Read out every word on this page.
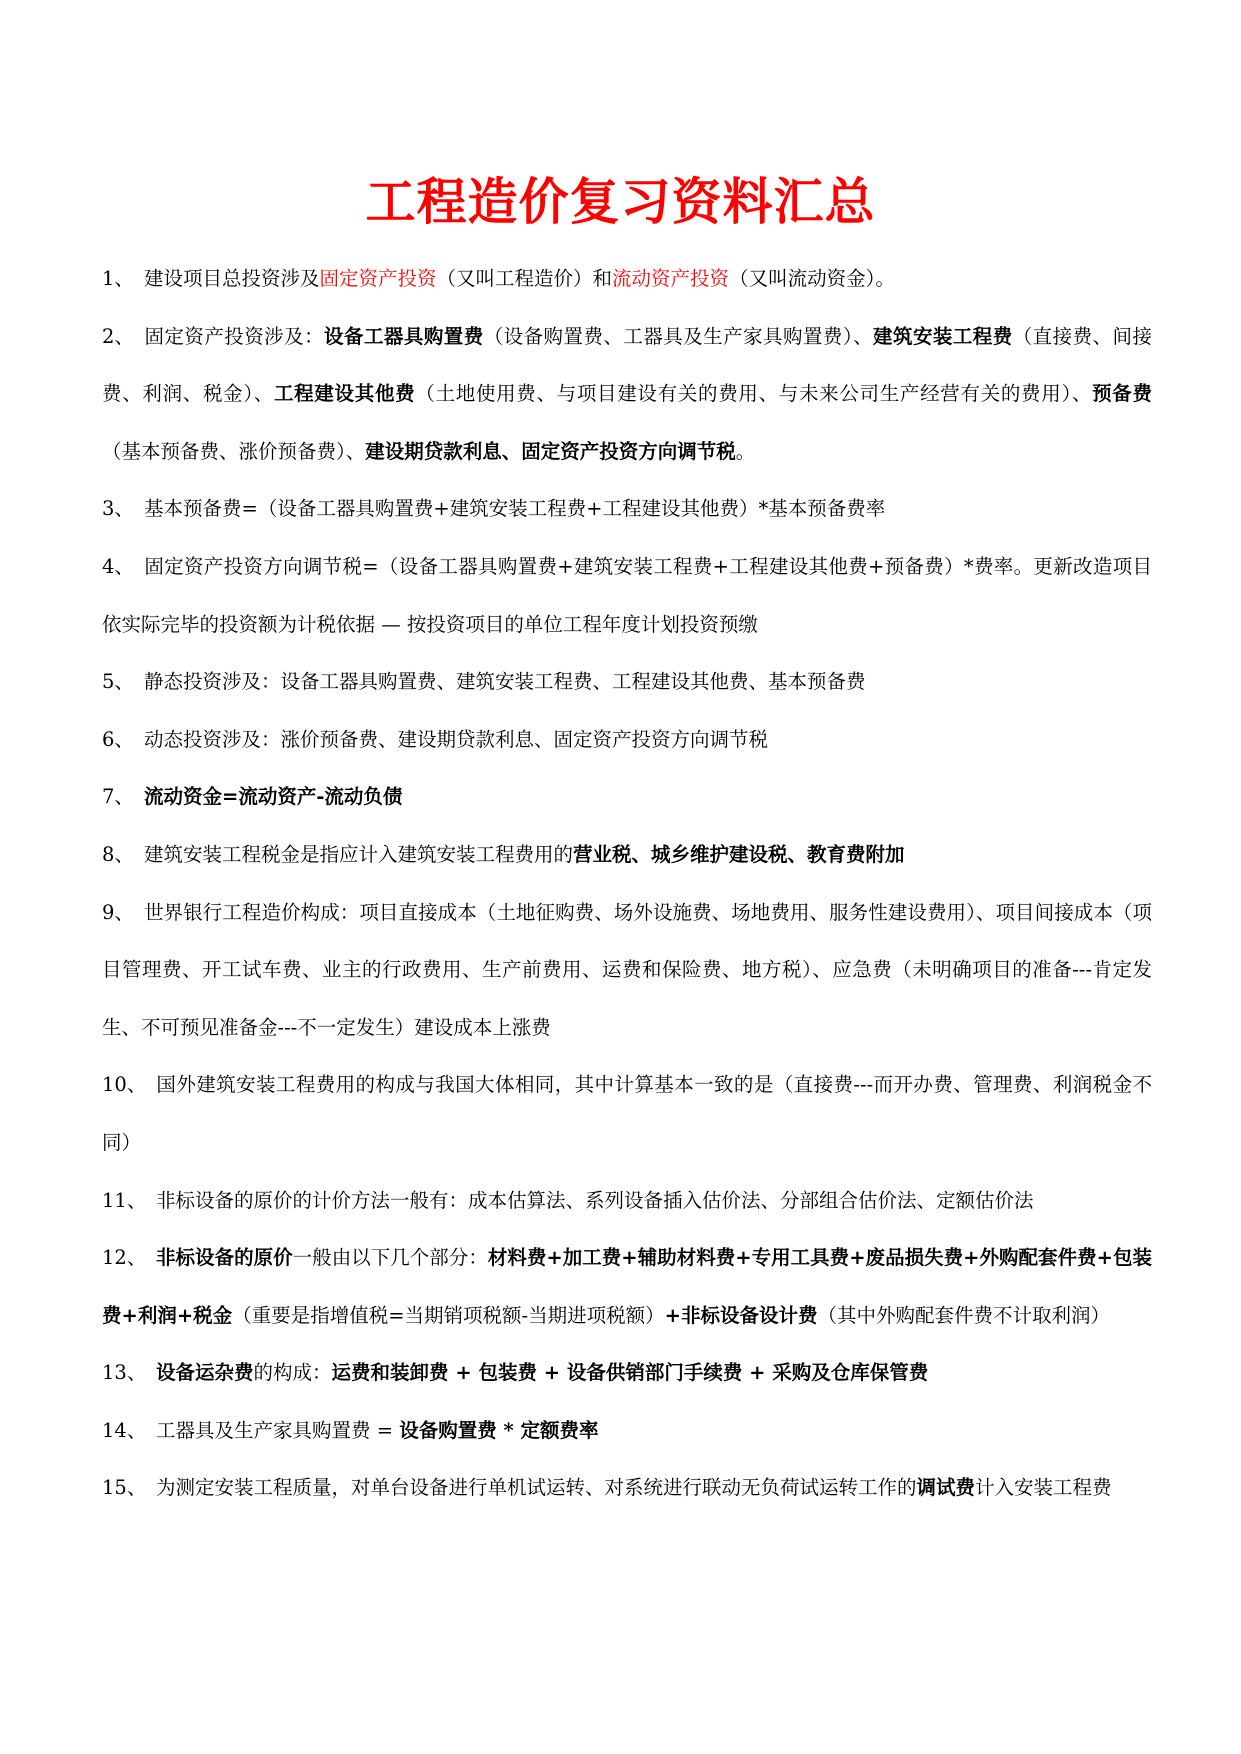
工程造价复习资料汇总

1、 建设项目总投资涉及固定资产投资（又叫工程造价）和流动资产投资（又叫流动资金）。

2、 固定资产投资涉及：设备工器具购置费（设备购置费、工器具及生产家具购置费）、建筑安装工程费（直接费、间接费、利润、税金）、工程建设其他费（土地使用费、与项目建设有关的费用、与未来公司生产经营有关的费用）、预备费（基本预备费、涨价预备费）、建设期贷款利息、固定资产投资方向调节税。

3、 基本预备费=（设备工器具购置费+建筑安装工程费+工程建设其他费）*基本预备费率

4、 固定资产投资方向调节税=（设备工器具购置费+建筑安装工程费+工程建设其他费+预备费）*费率。更新改造项目依实际完毕的投资额为计税依据 — 按投资项目的单位工程年度计划投资预缴

5、 静态投资涉及：设备工器具购置费、建筑安装工程费、工程建设其他费、基本预备费

6、 动态投资涉及：涨价预备费、建设期贷款利息、固定资产投资方向调节税

7、 流动资金=流动资产-流动负债

8、 建筑安装工程税金是指应计入建筑安装工程费用的营业税、城乡维护建设税、教育费附加

9、 世界银行工程造价构成：项目直接成本（土地征购费、场外设施费、场地费用、服务性建设费用）、项目间接成本（项目管理费、开工试车费、业主的行政费用、生产前费用、运费和保险费、地方税）、应急费（未明确项目的准备---肯定发生、不可预见准备金---不一定发生）建设成本上涨费

10、 国外建筑安装工程费用的构成与我国大体相同，其中计算基本一致的是（直接费---而开办费、管理费、利润税金不同）

11、 非标设备的原价的计价方法一般有：成本估算法、系列设备插入估价法、分部组合估价法、定额估价法

12、 非标设备的原价一般由以下几个部分：材料费+加工费+辅助材料费+专用工具费+废品损失费+外购配套件费+包装费+利润+税金（重要是指增值税=当期销项税额-当期进项税额）+非标设备设计费（其中外购配套件费不计取利润）

13、 设备运杂费的构成：运费和装卸费 + 包装费 + 设备供销部门手续费 + 采购及仓库保管费

14、 工器具及生产家具购置费 = 设备购置费 * 定额费率

15、 为测定安装工程质量，对单台设备进行单机试运转、对系统进行联动无负荷试运转工作的调试费计入安装工程费
